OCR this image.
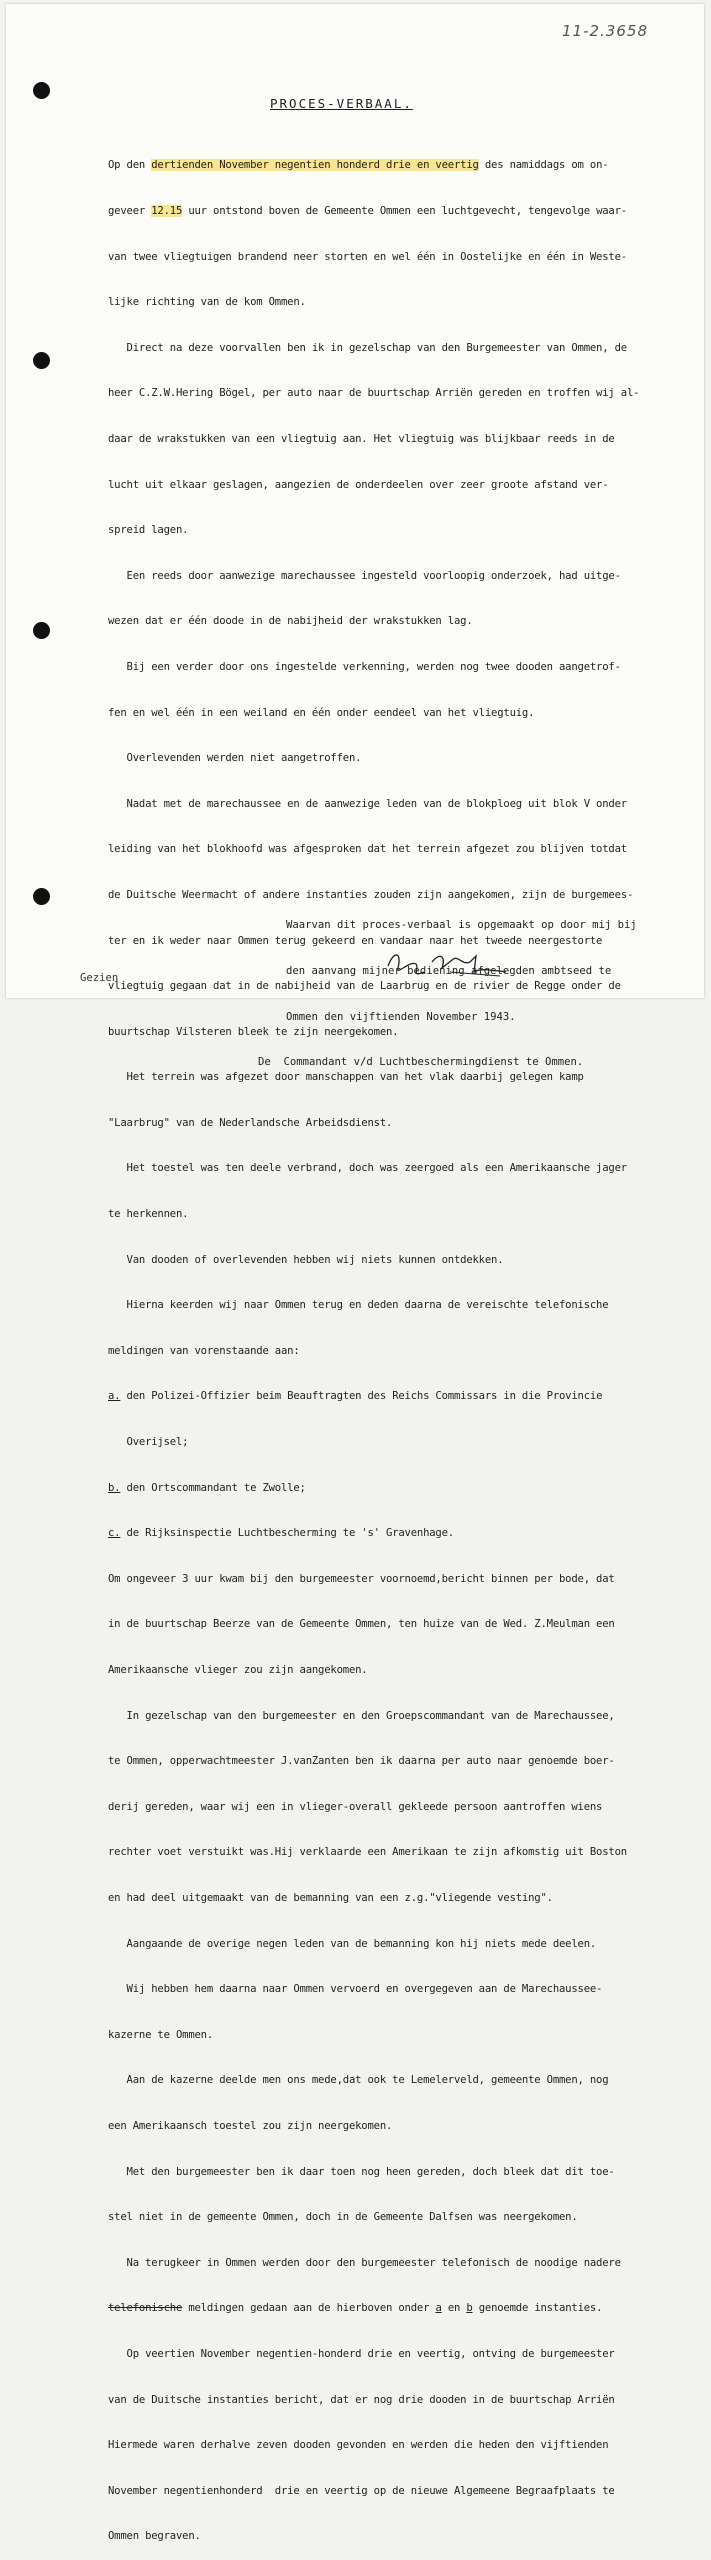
11-2.3658
PROCES-VERBAAL.

Op den dertienden November negentien honderd drie en veertig des namiddags om on-

geveer 12.15 uur ontstond boven de Gemeente Ommen een luchtgevecht, tengevolge waar-

van twee vliegtuigen brandend neer storten en wel één in Oostelijke en één in Weste-

lijke richting van de kom Ommen.

Direct na deze voorvallen ben ik in gezelschap van den Burgemeester van Ommen, de

heer C.Z.W.Hering Bögel, per auto naar de buurtschap Arriën gereden en troffen wij al-

daar de wrakstukken van een vliegtuig aan. Het vliegtuig was blijkbaar reeds in de

lucht uit elkaar geslagen, aangezien de onderdeelen over zeer groote afstand ver-

spreid lagen.

Een reeds door aanwezige marechaussee ingesteld voorloopig onderzoek, had uitge-

wezen dat er één doode in de nabijheid der wrakstukken lag.

Bij een verder door ons ingestelde verkenning, werden nog twee dooden aangetrof-

fen en wel één in een weiland en één onder eendeel van het vliegtuig.

Overlevenden werden niet aangetroffen.

Nadat met de marechaussee en de aanwezige leden van de blokploeg uit blok V onder

leiding van het blokhoofd was afgesproken dat het terrein afgezet zou blijven totdat

de Duitsche Weermacht of andere instanties zouden zijn aangekomen, zijn de burgemees-

ter en ik weder naar Ommen terug gekeerd en vandaar naar het tweede neergestorte

vliegtuig gegaan dat in de nabijheid van de Laarbrug en de rivier de Regge onder de

buurtschap Vilsteren bleek te zijn neergekomen.

Het terrein was afgezet door manschappen van het vlak daarbij gelegen kamp

"Laarbrug" van de Nederlandsche Arbeidsdienst.

Het toestel was ten deele verbrand, doch was zeergoed als een Amerikaansche jager

te herkennen.

Van dooden of overlevenden hebben wij niets kunnen ontdekken.

Hierna keerden wij naar Ommen terug en deden daarna de vereischte telefonische

meldingen van vorenstaande aan:

a. den Polizei-Offizier beim Beauftragten des Reichs Commissars in die Provincie

Overijsel;

b. den Ortscommandant te Zwolle;

c. de Rijksinspectie Luchtbescherming te 's' Gravenhage.

Om ongeveer 3 uur kwam bij den burgemeester voornoemd,bericht binnen per bode, dat

in de buurtschap Beerze van de Gemeente Ommen, ten huize van de Wed. Z.Meulman een

Amerikaansche vlieger zou zijn aangekomen.

In gezelschap van den burgemeester en den Groepscommandant van de Marechaussee,

te Ommen, opperwachtmeester J.vanZanten ben ik daarna per auto naar genoemde boer-

derij gereden, waar wij een in vlieger-overall gekleede persoon aantroffen wiens

rechter voet verstuikt was.Hij verklaarde een Amerikaan te zijn afkomstig uit Boston

en had deel uitgemaakt van de bemanning van een z.g."vliegende vesting".

Aangaande de overige negen leden van de bemanning kon hij niets mede deelen.

Wij hebben hem daarna naar Ommen vervoerd en overgegeven aan de Marechaussee-

kazerne te Ommen.

Aan de kazerne deelde men ons mede,dat ook te Lemelerveld, gemeente Ommen, nog

een Amerikaansch toestel zou zijn neergekomen.

Met den burgemeester ben ik daar toen nog heen gereden, doch bleek dat dit toe-

stel niet in de gemeente Ommen, doch in de Gemeente Dalfsen was neergekomen.

Na terugkeer in Ommen werden door den burgemeester telefonisch de noodige nadere

telefonische meldingen gedaan aan de hierboven onder a en b genoemde instanties.

Op veertien November negentien-honderd drie en veertig, ontving de burgemeester

van de Duitsche instanties bericht, dat er nog drie dooden in de buurtschap Arriën

Hiermede waren derhalve zeven dooden gevonden en werden die heden den vijftienden

November negentienhonderd  drie en veertig op de nieuwe Algemeene Begraafplaats te

Ommen begraven.

Waarvan dit proces-verbaal is opgemaakt op door mij bij

den aanvang mijner bediening afgelegden ambtseed te

Ommen den vijftienden November 1943.

De  Commandant v/d Luchtbeschermingdienst te Ommen.

Gezien
